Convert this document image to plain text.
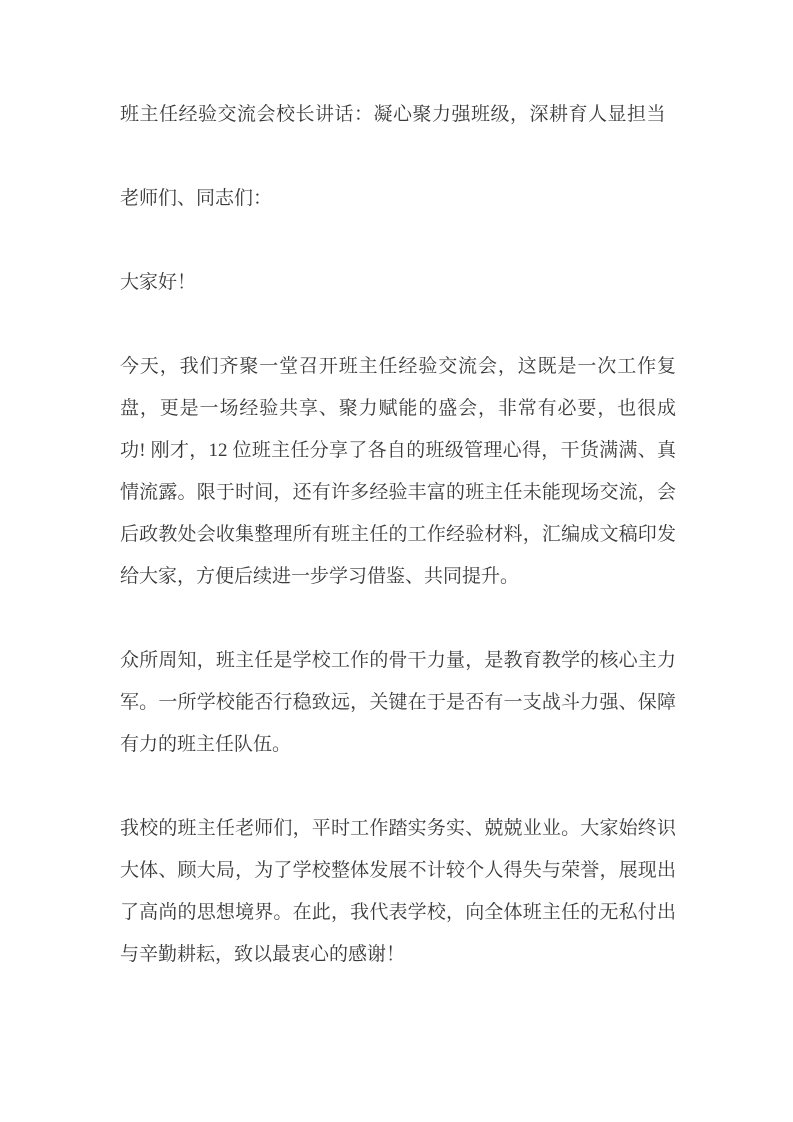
班主任经验交流会校长讲话：凝心聚力强班级，深耕育人显担当

老师们、同志们：

大家好！

今天，我们齐聚一堂召开班主任经验交流会，这既是一次工作复盘，更是一场经验共享、聚力赋能的盛会，非常有必要，也很成功! 刚才，12 位班主任分享了各自的班级管理心得，干货满满、真情流露。限于时间，还有许多经验丰富的班主任未能现场交流，会后政教处会收集整理所有班主任的工作经验材料，汇编成文稿印发给大家，方便后续进一步学习借鉴、共同提升。

众所周知，班主任是学校工作的骨干力量，是教育教学的核心主力军。一所学校能否行稳致远，关键在于是否有一支战斗力强、保障有力的班主任队伍。

我校的班主任老师们，平时工作踏实务实、兢兢业业。大家始终识大体、顾大局，为了学校整体发展不计较个人得失与荣誉，展现出了高尚的思想境界。在此，我代表学校，向全体班主任的无私付出与辛勤耕耘，致以最衷心的感谢！
